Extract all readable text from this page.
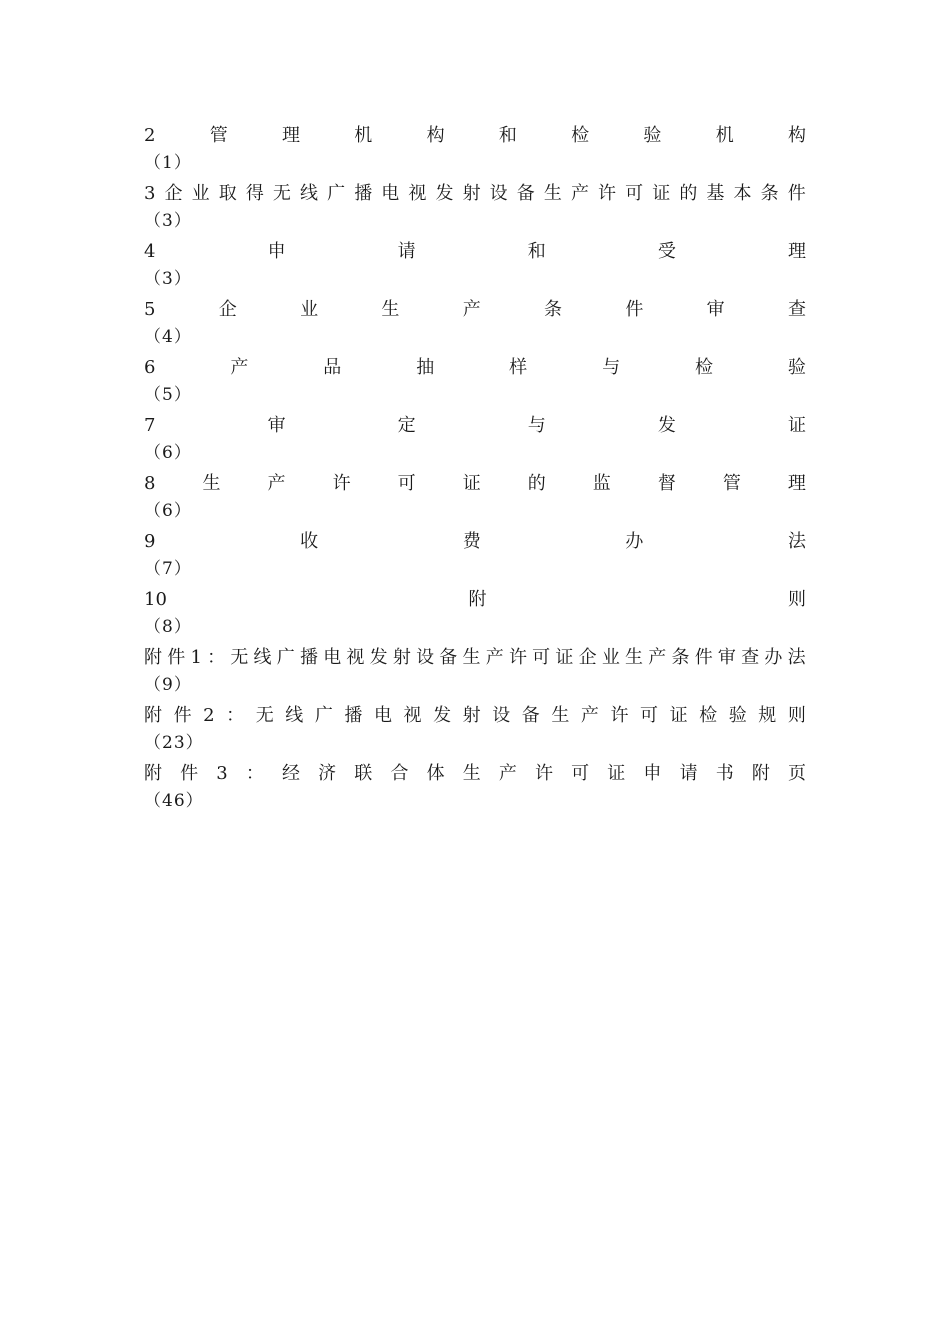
2	管	理	机	构	和	检	验	机	构
（1）
3 企 业 取 得 无 线 广 播 电 视 发 射 设 备 生 产 许 可 证 的 基 本 条 件
（3）
4	申	请	和	受	理
（3）
5	企	业	生	产	条	件	审	查
（4）
6	产	品	抽	样	与	检	验
（5）
7	审	定	与	发	证
（6）
8	生	产	许	可	证	的	监	督	管	理
（6）
9	收	费	办	法
（7）
10	附	则
（8）
附 件 1 ： 无 线 广 播 电 视 发 射 设 备 生 产 许 可 证 企 业 生 产 条 件 审 查 办 法
（9）
附 件 2 ： 无 线 广 播 电 视 发 射 设 备 生 产 许 可 证 检 验 规 则
（23）
附 件 3 ： 经 济 联 合 体 生 产 许 可 证 申 请 书 附 页
（46）
